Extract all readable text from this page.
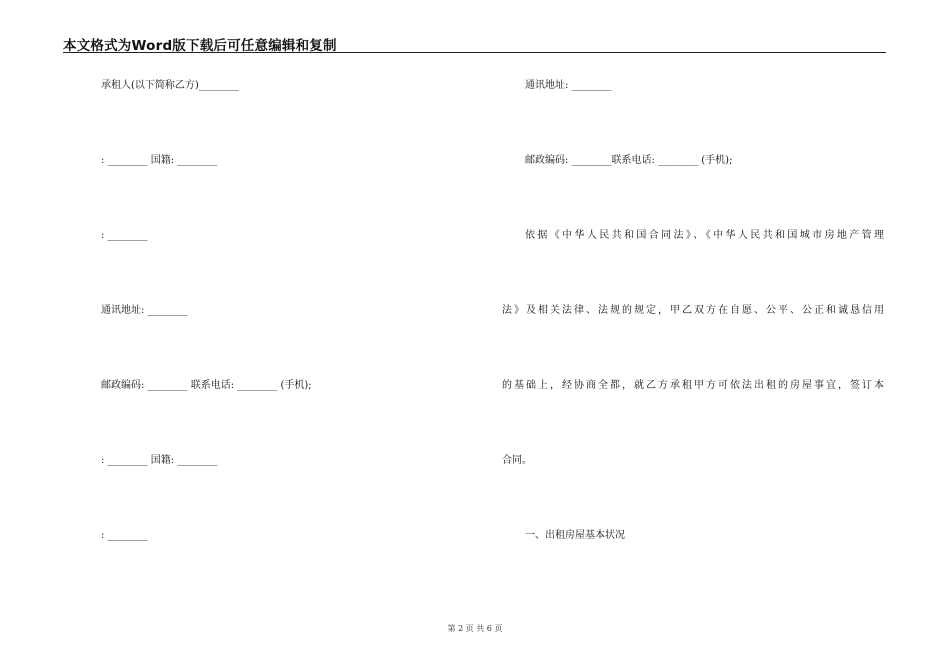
本文格式为Word版下载后可任意编辑和复制
承租人(以下简称乙方)________
: ________ 国籍: ________
: ________
通讯地址: ________
邮政编码: ________ 联系电话: ________ (手机);
: ________ 国籍: ________
: ________
通讯地址: ________
邮政编码: ________联系电话: ________ (手机);
依据《中华人民共和国合同法》、《中华人民共和国城市房地产管理
法》及相关法律、法规的规定，甲乙双方在自愿、公平、公正和诚恳信用
的基础上，经协商全都，就乙方承租甲方可依法出租的房屋事宜，签订本
合同。
一、出租房屋基本状况
第 2 页 共 6 页
